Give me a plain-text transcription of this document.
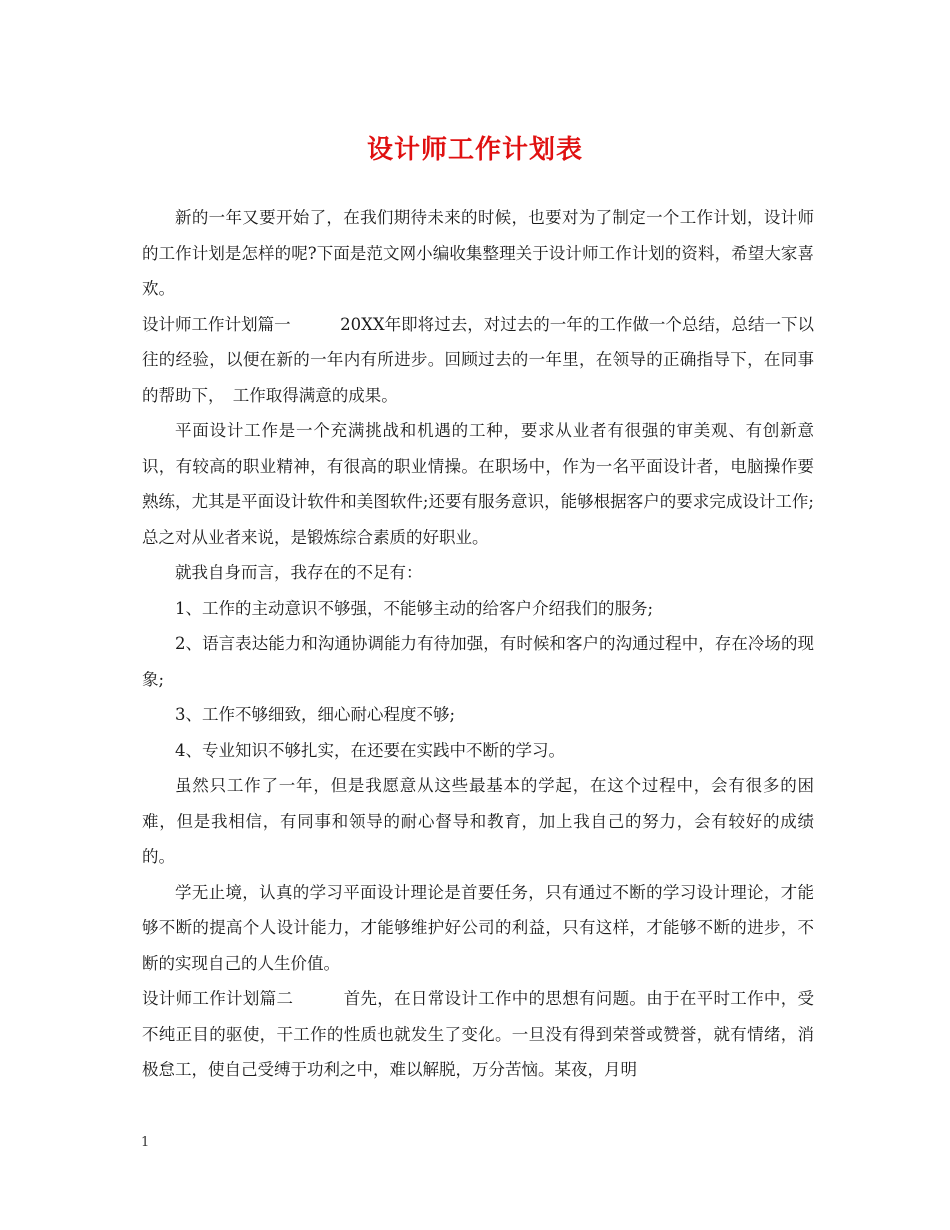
设计师工作计划表

新的一年又要开始了，在我们期待未来的时候，也要对为了制定一个工作计划，设计师的工作计划是怎样的呢?下面是范文网小编收集整理关于设计师工作计划的资料，希望大家喜欢。

设计师工作计划篇一　　　20XX年即将过去，对过去的一年的工作做一个总结，总结一下以往的经验，以便在新的一年内有所进步。回顾过去的一年里，在领导的正确指导下，在同事的帮助下，　工作取得满意的成果。

平面设计工作是一个充满挑战和机遇的工种，要求从业者有很强的审美观、有创新意识，有较高的职业精神，有很高的职业情操。在职场中，作为一名平面设计者，电脑操作要熟练，尤其是平面设计软件和美图软件;还要有服务意识，能够根据客户的要求完成设计工作;总之对从业者来说，是锻炼综合素质的好职业。

就我自身而言，我存在的不足有：

1、工作的主动意识不够强，不能够主动的给客户介绍我们的服务;

2、语言表达能力和沟通协调能力有待加强，有时候和客户的沟通过程中，存在冷场的现象;

3、工作不够细致，细心耐心程度不够;

4、专业知识不够扎实，在还要在实践中不断的学习。

虽然只工作了一年，但是我愿意从这些最基本的学起，在这个过程中，会有很多的困难，但是我相信，有同事和领导的耐心督导和教育，加上我自己的努力，会有较好的成绩的。

学无止境，认真的学习平面设计理论是首要任务，只有通过不断的学习设计理论，才能够不断的提高个人设计能力，才能够维护好公司的利益，只有这样，才能够不断的进步，不断的实现自己的人生价值。

设计师工作计划篇二　　　首先，在日常设计工作中的思想有问题。由于在平时工作中，受不纯正目的驱使，干工作的性质也就发生了变化。一旦没有得到荣誉或赞誉，就有情绪，消极怠工，使自己受缚于功利之中，难以解脱，万分苦恼。某夜，月明

1
